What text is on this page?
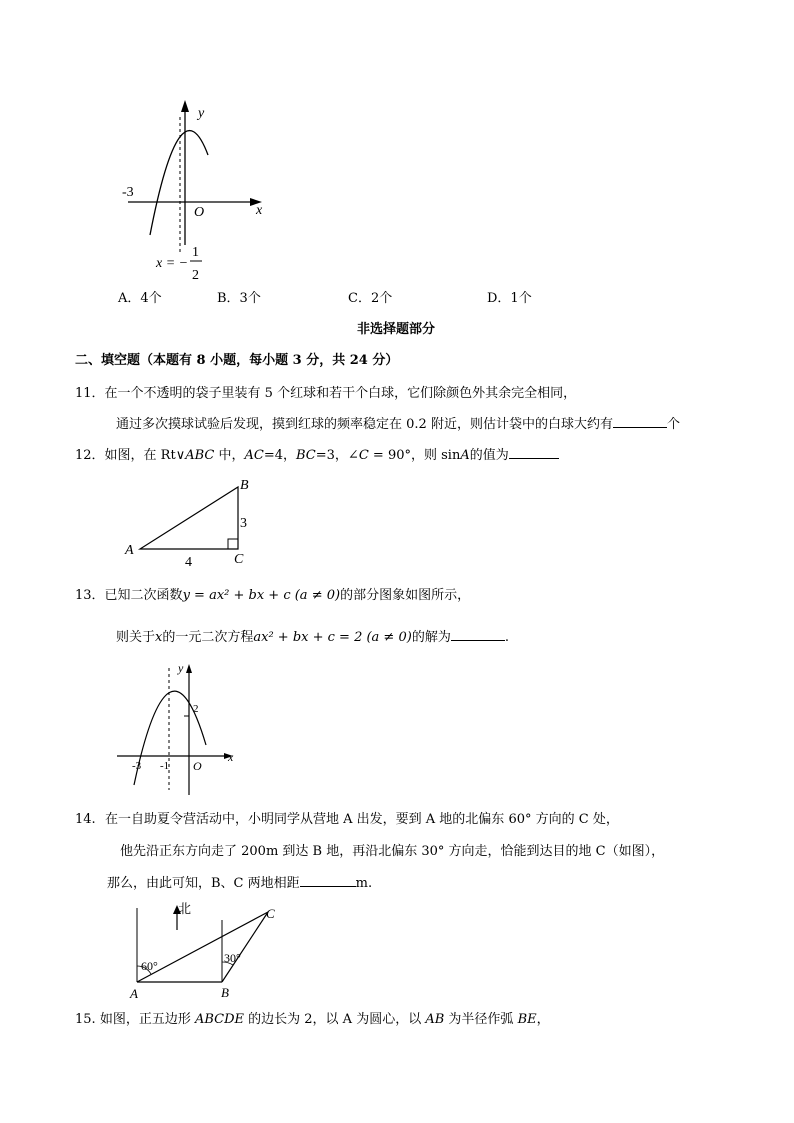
y
x
O
-3
x = −
1
2
A．4个	B．3个	C．2个	D．1个
非选择题部分
二、填空题（本题有 8 小题，每小题 3 分，共 24 分）
11．在一个不透明的袋子里装有 5 个红球和若干个白球，它们除颜色外其余完全相同，
通过多次摸球试验后发现，摸到红球的频率稳定在 0.2 附近，则估计袋中的白球大约有	个
12．如图，在 Rt∨ABC 中，AC=4，BC=3，∠C = 90°，则 sinA的值为
A
B
C
3
4
13．已知二次函数y = ax² + bx + c (a ≠ 0)的部分图象如图所示，
则关于x的一元二次方程ax² + bx + c = 2 (a ≠ 0)的解为	.
y
x
O
-3 -1
2
14. 在一自助夏令营活动中，小明同学从营地 A 出发，要到 A 地的北偏东 60° 方向的 C 处，
他先沿正东方向走了 200m 到达 B 地，再沿北偏东 30° 方向走，恰能到达目的地 C（如图），
那么，由此可知，B、C 两地相距	m.
北
A	B
C
60°
30°
15. 如图，正五边形 ABCDE 的边长为 2，以 A 为圆心，以 AB 为半径作弧 BE，
